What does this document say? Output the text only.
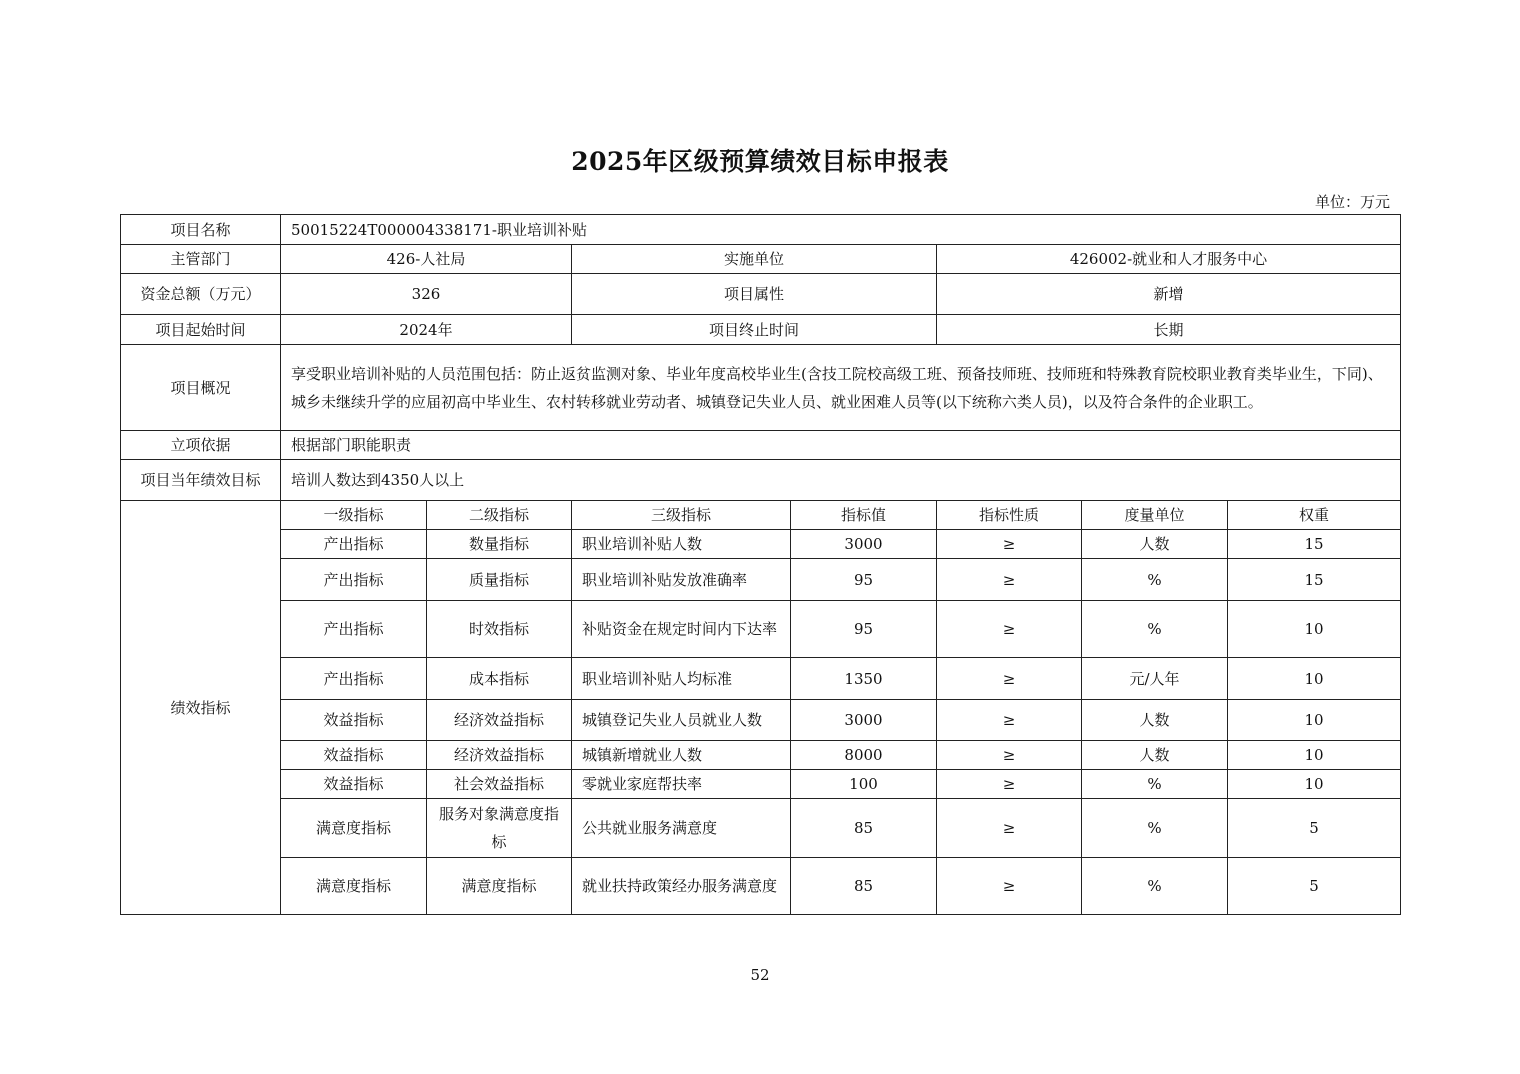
2025年区级预算绩效目标申报表
单位：万元
项目名称	50015224T000004338171-职业培训补贴						
主管部门	426-人社局		实施单位		426002-就业和人才服务中心		
资金总额（万元）	326		项目属性		新增		
项目起始时间	2024年		项目终止时间		长期		
项目概况	享受职业培训补贴的人员范围包括：防止返贫监测对象、毕业年度高校毕业生(含技工院校高级工班、预备技师班、技师班和特殊教育院校职业教育类毕业生，下同)、城乡未继续升学的应届初高中毕业生、农村转移就业劳动者、城镇登记失业人员、就业困难人员等(以下统称六类人员)，以及符合条件的企业职工。						
立项依据	根据部门职能职责						
项目当年绩效目标	培训人数达到4350人以上						
绩效指标	一级指标	二级指标	三级指标	指标值	指标性质	度量单位	权重
	产出指标	数量指标	职业培训补贴人数	3000	≥	人数	15
	产出指标	质量指标	职业培训补贴发放准确率	95	≥	%	15
	产出指标	时效指标	补贴资金在规定时间内下达率	95	≥	%	10
	产出指标	成本指标	职业培训补贴人均标准	1350	≥	元/人年	10
	效益指标	经济效益指标	城镇登记失业人员就业人数	3000	≥	人数	10
	效益指标	经济效益指标	城镇新增就业人数	8000	≥	人数	10
	效益指标	社会效益指标	零就业家庭帮扶率	100	≥	%	10
	满意度指标	服务对象满意度指标	公共就业服务满意度	85	≥	%	5
	满意度指标	满意度指标	就业扶持政策经办服务满意度	85	≥	%	5
52
